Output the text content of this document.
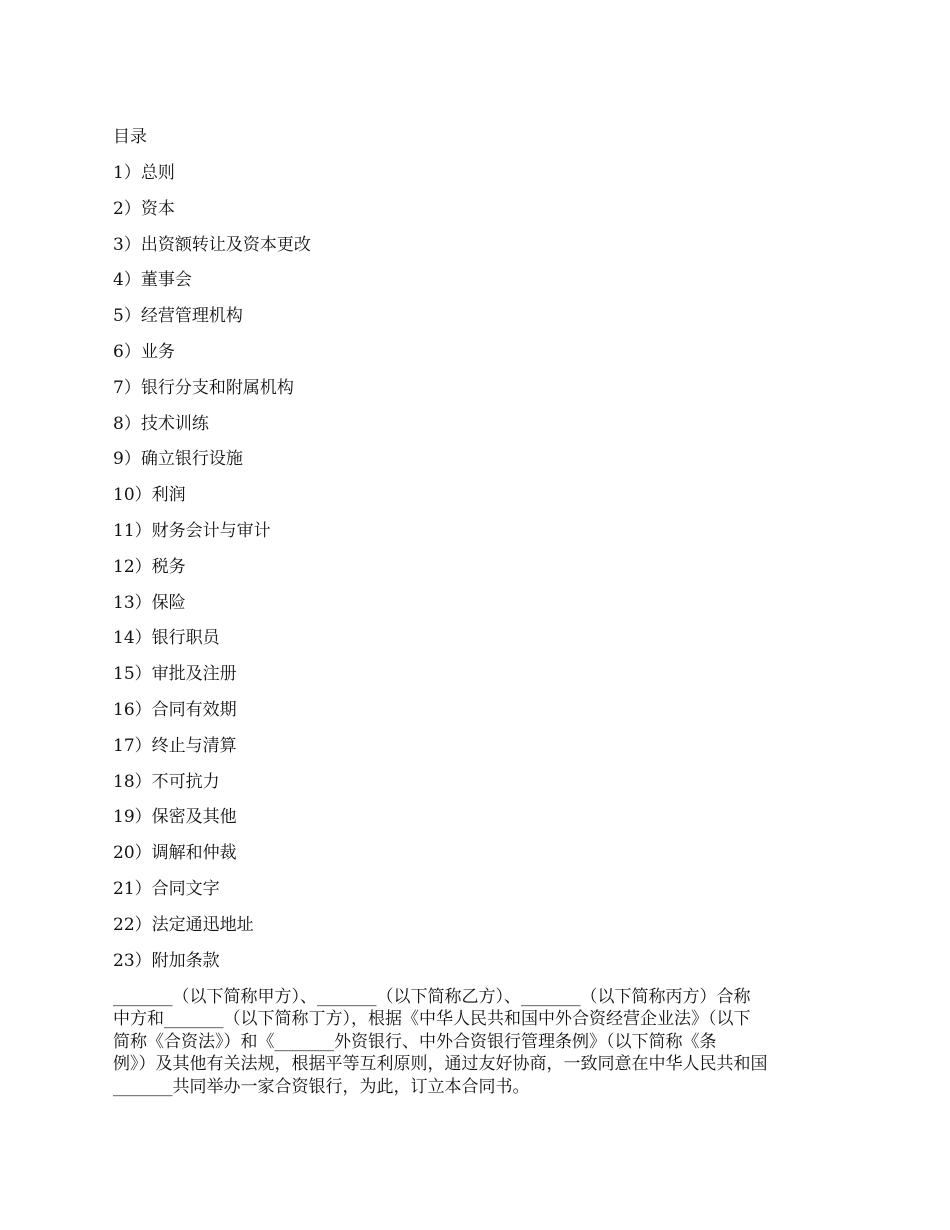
目录
1）总则
2）资本
3）出资额转让及资本更改
4）董事会
5）经营管理机构
6）业务
7）银行分支和附属机构
8）技术训练
9）确立银行设施
10）利润
11）财务会计与审计
12）税务
13）保险
14）银行职员
15）审批及注册
16）合同有效期
17）终止与清算
18）不可抗力
19）保密及其他
20）调解和仲裁
21）合同文字
22）法定通迅地址
23）附加条款

_______（以下简称甲方）、_______（以下简称乙方）、_______（以下简称丙方）合称
中方和_______（以下简称丁方），根据《中华人民共和国中外合资经营企业法》（以下
简称《合资法》）和《_______外资银行、中外合资银行管理条例》（以下简称《条
例》）及其他有关法规，根据平等互利原则，通过友好协商，一致同意在中华人民共和国
_______共同举办一家合资银行，为此，订立本合同书。
